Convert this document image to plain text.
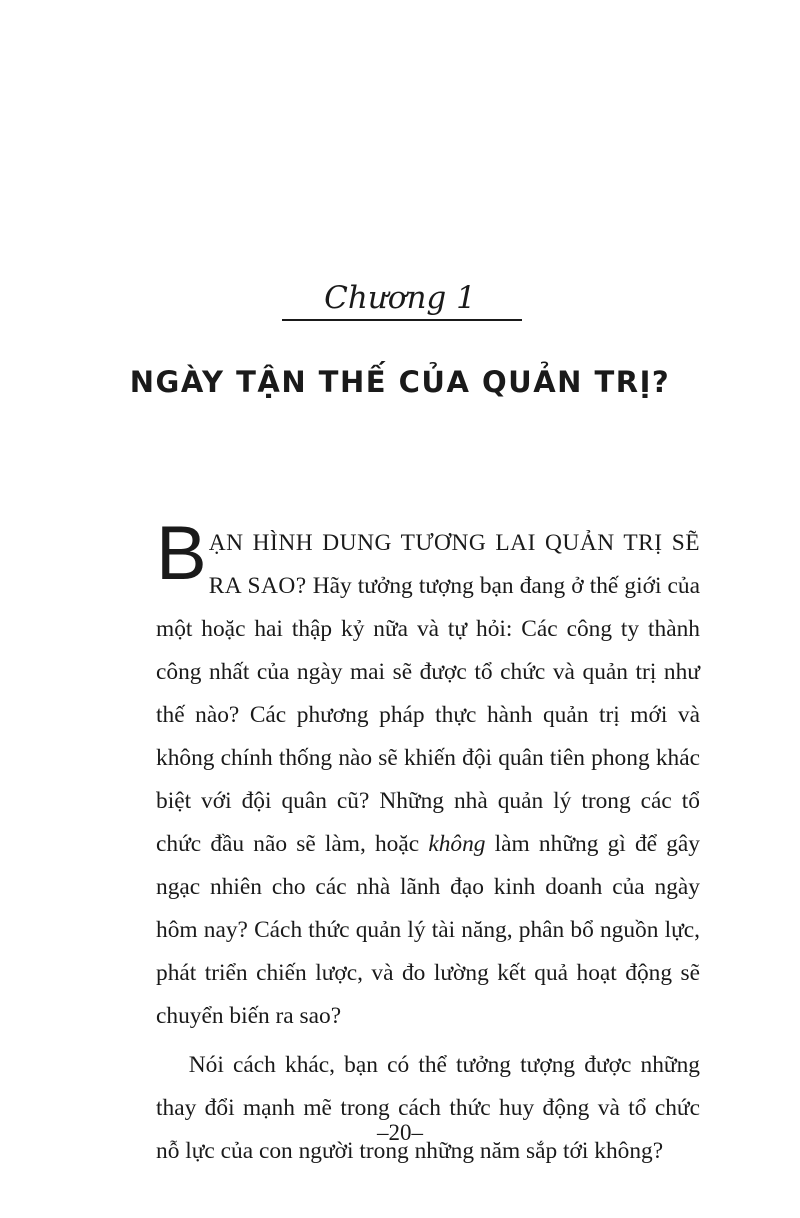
Chương 1
NGÀY TẬN THẾ CỦA QUẢN TRỊ?

BẠN HÌNH DUNG TƯƠNG LAI QUẢN TRỊ SẼ RA SAO? Hãy tưởng tượng bạn đang ở thế giới của một hoặc hai thập kỷ nữa và tự hỏi: Các công ty thành công nhất của ngày mai sẽ được tổ chức và quản trị như thế nào? Các phương pháp thực hành quản trị mới và không chính thống nào sẽ khiến đội quân tiên phong khác biệt với đội quân cũ? Những nhà quản lý trong các tổ chức đầu não sẽ làm, hoặc không làm những gì để gây ngạc nhiên cho các nhà lãnh đạo kinh doanh của ngày hôm nay? Cách thức quản lý tài năng, phân bổ nguồn lực, phát triển chiến lược, và đo lường kết quả hoạt động sẽ chuyển biến ra sao?

Nói cách khác, bạn có thể tưởng tượng được những thay đổi mạnh mẽ trong cách thức huy động và tổ chức nỗ lực của con người trong những năm sắp tới không?

–20–
